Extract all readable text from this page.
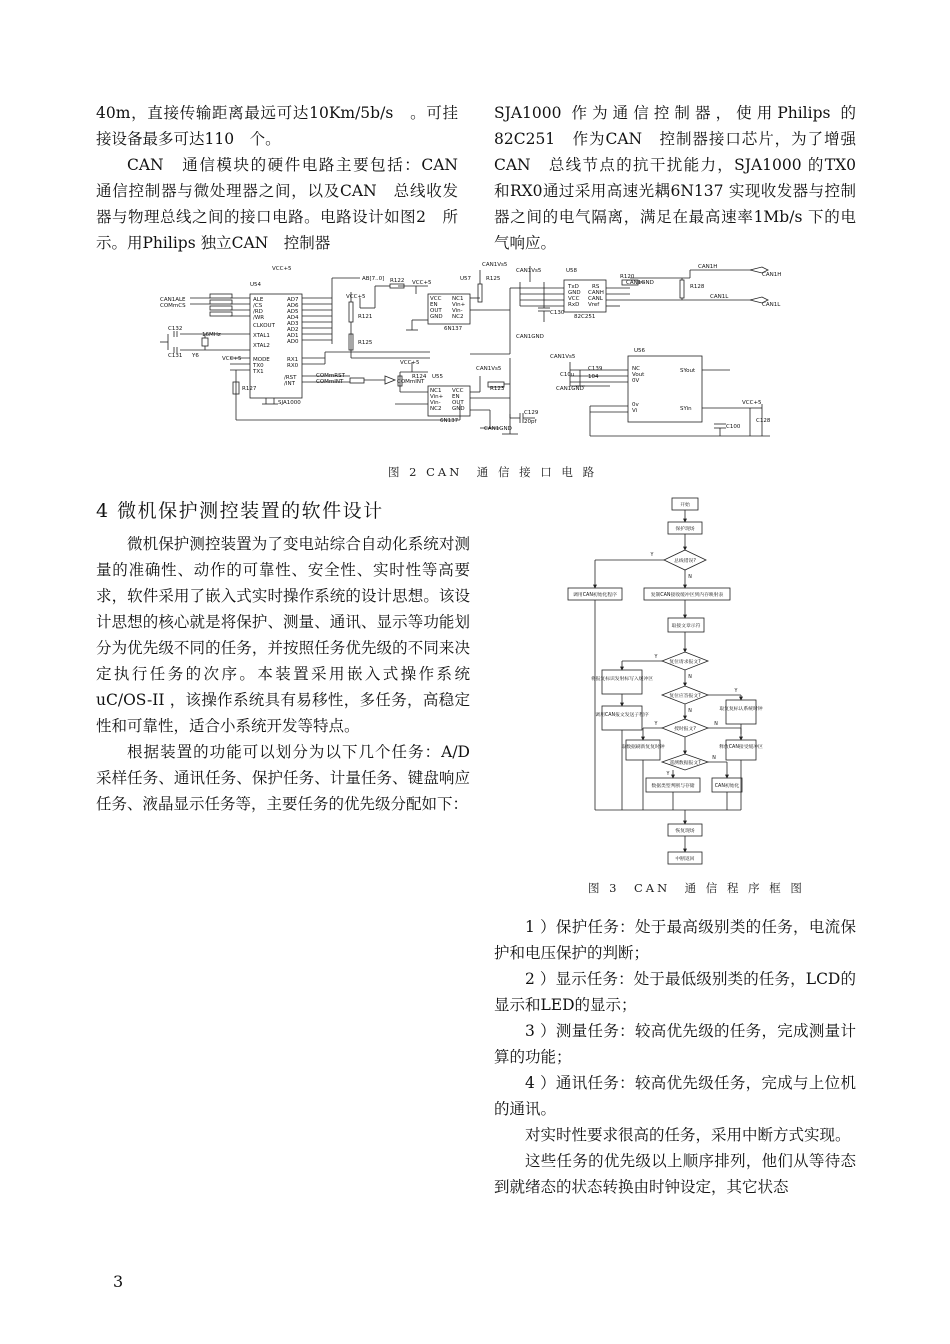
40m，直接传输距离最远可达10Km/5b/s　。可挂接设备最多可达110　个。

CAN　通信模块的硬件电路主要包括：CAN　通信控制器与微处理器之间，以及CAN　总线收发器与物理总线之间的接口电路。电路设计如图2　所示。用Philips 独立CAN　控制器

SJA1000 作为通信控制器，使用Philips 的82C251　作为CAN　控制器接口芯片，为了增强CAN　总线节点的抗干扰能力，SJA1000 的TX0 和RX0通过采用高速光耦6N137 实现收发器与控制器之间的电气隔离，满足在最高速率1Mb/s 下的电气响应。

U54
VCC+5
AB[7..0] R122 VCC+5
U57	R125
CAN1Vs5
CAN1Vs5	U58
R120
CAN1GND
CAN1H
CAN1H
R128
CAN1L
CAN1L
CAN1ALE
COMmCS
ALE
/CS
/RD
/WR
CLKOUT
XTAL1
XTAL2
MODE
TX0
TX1
AD7
AD6
AD5
AD4
AD3
AD2
AD1
AD0
RX1
RX0
/RST
/INT
SJA1000
C132
16MHz
C131 Y6	VCC+5
R127
VCC+5
R121
R125
VCC
EN
OUT
GND
NC1
Vin+
Vin-
NC2
6N137
TxD
GND
VCC
RxD
RS
CANH
CANL
Vref
82C251
C130
CAN1GND
VCC+5
R124 U55
NC1
Vin+
Vin-
NC2
VCC
EN
OUT
GND
6N137
CAN1Vs5
R123
C129
20pf
CAN1GND
COMmRST
COMmINT	COMmINT
CAN1Vs5
C139
104
C10u
CAN1GND
U56
NC
Vout
0V
0v
Vi
SYout
SYin
VCC+5
C100
C128
图 2 CAN　通 信 接 口 电 路
4 微机保护测控装置的软件设计

微机保护测控装置为了变电站综合自动化系统对测量的准确性、动作的可靠性、安全性、实时性等高要求，软件采用了嵌入式实时操作系统的设计思想。该设计思想的核心就是将保护、测量、通讯、显示等功能划分为优先级不同的任务，并按照任务优先级的不同来决定执行任务的次序。本装置采用嵌入式操作系统uC/OS-II ，该操作系统具有易移性，多任务，高稳定性和可靠性，适合小系统开发等特点。

根据装置的功能可以划分为以下几个任务：A/D 采样任务、通讯任务、保护任务、计量任务、键盘响应任务、液晶显示任务等，主要任务的优先级分配如下：

开始
保护现场
总线错误?
调用CAN初始化程序	复制CAN接收缓冲区到内存映射表
取接文章示符
复位请求报文?
将报复标识发射标写入缓冲区
复位应答报文?
取复复标认系统时钟
调用CAN报文发送子程序
授时报文?
取数据刷新复复时钟	释放CAN接受缓冲区
遥测数据报文?
数据类型判断与存储	CAN初始化
恢复现场
中断返回
Y
N
Y
N
Y
N
Y	N
Y
N
图 3　CAN　通 信 程 序 框 图

1 ）保护任务：处于最高级别类的任务，电流保护和电压保护的判断；

2 ）显示任务：处于最低级别类的任务，LCD的显示和LED的显示；

3 ）测量任务：较高优先级的任务，完成测量计算的功能；

4 ）通讯任务：较高优先级任务，完成与上位机的通讯。

对实时性要求很高的任务，采用中断方式实现。

这些任务的优先级以上顺序排列，他们从等待态到就绪态的状态转换由时钟设定，其它状态

3
